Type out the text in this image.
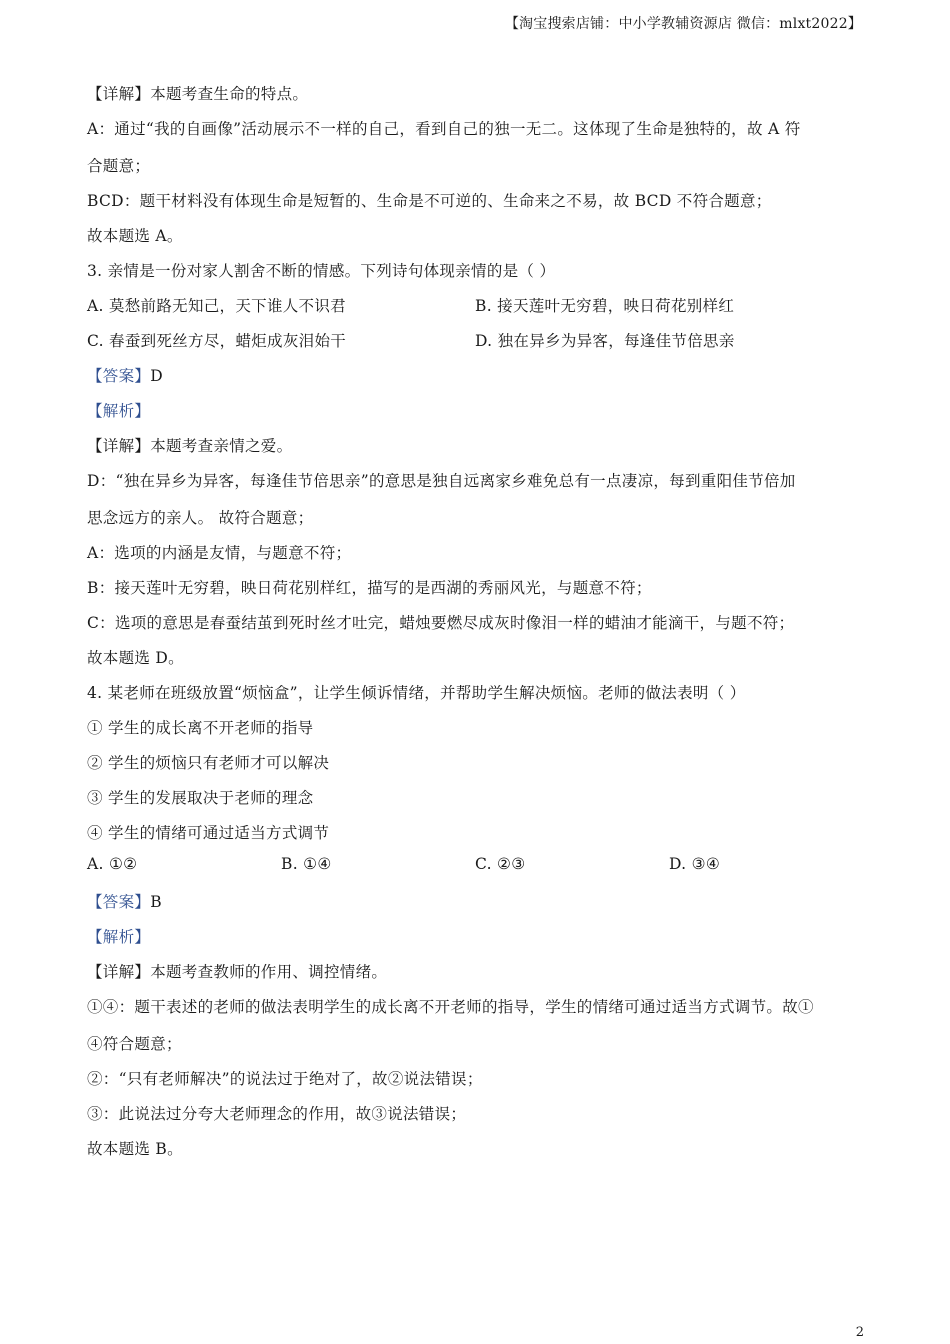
【淘宝搜索店铺：中小学教辅资源店 微信：mlxt2022】
【详解】本题考查生命的特点。
A：通过“我的自画像”活动展示不一样的自己，看到自己的独一无二。这体现了生命是独特的，故 A 符
合题意；
BCD：题干材料没有体现生命是短暂的、生命是不可逆的、生命来之不易，故 BCD 不符合题意；
故本题选 A。
3. 亲情是一份对家人割舍不断的情感。下列诗句体现亲情的是（ ）
A. 莫愁前路无知己，天下谁人不识君	B. 接天莲叶无穷碧，映日荷花别样红
C. 春蚕到死丝方尽，蜡炬成灰泪始干	D. 独在异乡为异客，每逢佳节倍思亲
【答案】D
【解析】
【详解】本题考查亲情之爱。
D：“独在异乡为异客，每逢佳节倍思亲”的意思是独自远离家乡难免总有一点凄凉，每到重阳佳节倍加
思念远方的亲人。 故符合题意；
A：选项的内涵是友情，与题意不符；
B：接天莲叶无穷碧，映日荷花别样红，描写的是西湖的秀丽风光，与题意不符；
C：选项的意思是春蚕结茧到死时丝才吐完，蜡烛要燃尽成灰时像泪一样的蜡油才能滴干，与题不符；
故本题选 D。
4. 某老师在班级放置“烦恼盒”，让学生倾诉情绪，并帮助学生解决烦恼。老师的做法表明（ ）
① 学生的成长离不开老师的指导
② 学生的烦恼只有老师才可以解决
③ 学生的发展取决于老师的理念
④ 学生的情绪可通过适当方式调节
A. ①②	B. ①④	C. ②③	D. ③④
【答案】B
【解析】
【详解】本题考查教师的作用、调控情绪。
①④：题干表述的老师的做法表明学生的成长离不开老师的指导，学生的情绪可通过适当方式调节。故①
④符合题意；
②：“只有老师解决”的说法过于绝对了，故②说法错误；
③：此说法过分夸大老师理念的作用，故③说法错误；
故本题选 B。
2
